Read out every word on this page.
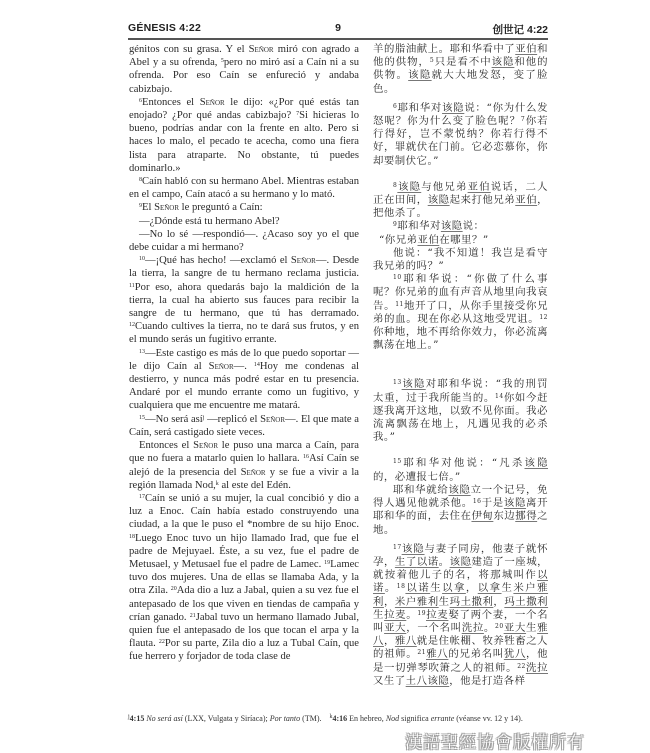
GÉNESIS 4:22	9	创世记 4:22

génitos con su grasa. Y el Señor miró con agrado a Abel y a su ofrenda, $^5$pero no miró así a Caín ni a su ofrenda. Por eso Caín se enfureció y andaba cabizbajo.

$^6$Entonces el Señor le dijo: «¿Por qué estás tan enojado? ¿Por qué andas cabizbajo? $^7$Si hicieras lo bueno, podrías andar con la frente en alto. Pero si haces lo malo, el pecado te acecha, como una fiera lista para atraparte. No obstante, tú puedes dominarlo.»

$^8$Caín habló con su hermano Abel. Mientras estaban en el campo, Caín atacó a su hermano y lo mató.

$^9$El Señor le preguntó a Caín:

—¿Dónde está tu hermano Abel?

—No lo sé —respondió—. ¿Acaso soy yo el que debe cuidar a mi hermano?

$^{10}$—¡Qué has hecho! —exclamó el Señor—. Desde la tierra, la sangre de tu hermano reclama justicia. $^{11}$Por eso, ahora quedarás bajo la maldición de la tierra, la cual ha abierto sus fauces para recibir la sangre de tu hermano, que tú has derramado. $^{12}$Cuando cultives la tierra, no te dará sus frutos, y en el mundo serás un fugitivo errante.

$^{13}$—Este castigo es más de lo que puedo soportar —le dijo Caín al Señor—. $^{14}$Hoy me condenas al destierro, y nunca más podré estar en tu presencia. Andaré por el mundo errante como un fugitivo, y cualquiera que me encuentre me matará.

$^{15}$—No será así$^j$ —replicó el Señor—. El que mate a Caín, será castigado siete veces.

Entonces el Señor le puso una marca a Caín, para que no fuera a matarlo quien lo hallara. $^{16}$Así Caín se alejó de la presencia del Señor y se fue a vivir a la región llamada Nod,$^k$ al este del Edén.

$^{17}$Caín se unió a su mujer, la cual concibió y dio a luz a Enoc. Caín había estado construyendo una ciudad, a la que le puso el *nombre de su hijo Enoc. $^{18}$Luego Enoc tuvo un hijo llamado Irad, que fue el padre de Mejuyael. Éste, a su vez, fue el padre de Metusael, y Metusael fue el padre de Lamec. $^{19}$Lamec tuvo dos mujeres. Una de ellas se llamaba Ada, y la otra Zila. $^{20}$Ada dio a luz a Jabal, quien a su vez fue el antepasado de los que viven en tiendas de campaña y crían ganado. $^{21}$Jabal tuvo un hermano llamado Jubal, quien fue el antepasado de los que tocan el arpa y la flauta. $^{22}$Por su parte, Zila dio a luz a Tubal Caín, que fue herrero y forjador de toda clase de

羊的脂油献上。耶和华看中了亚伯和他的供物，$^5$只是看不中该隐和他的供物。该隐就大大地发怒，变了脸色。

$^6$耶和华对该隐说：“你为什么发怒呢？你为什么变了脸色呢？$^7$你若行得好，岂不蒙悦纳？你若行得不好，罪就伏在门前。它必恋慕你，你却要制伏它。”

$^8$该隐与他兄弟亚伯说话，二人正在田间，该隐起来打他兄弟亚伯，把他杀了。

$^9$耶和华对该隐说：

“你兄弟亚伯在哪里？”

他说：“我不知道！我岂是看守我兄弟的吗？”

$^{10}$耶和华说：“你做了什么事呢？你兄弟的血有声音从地里向我哀告。$^{11}$地开了口，从你手里接受你兄弟的血。现在你必从这地受咒诅。$^{12}$你种地，地不再给你效力，你必流离飘荡在地上。”

$^{13}$该隐对耶和华说：“我的刑罚太重，过于我所能当的。$^{14}$你如今赶逐我离开这地，以致不见你面。我必流离飘荡在地上，凡遇见我的必杀我。”

$^{15}$耶和华对他说：“凡杀该隐的，必遭报七倍。”

耶和华就给该隐立一个记号，免得人遇见他就杀他。$^{16}$于是该隐离开耶和华的面，去住在伊甸东边挪得之地。

$^{17}$该隐与妻子同房，他妻子就怀孕，生了以诺。该隐建造了一座城，就按着他儿子的名，将那城叫作以诺。$^{18}$以诺生以拿，以拿生米户雅利，米户雅利生玛土撒利，玛土撒利生拉麦。$^{19}$拉麦娶了两个妻，一个名叫亚大，一个名叫洗拉。$^{20}$亚大生雅八，雅八就是住帐棚、牧养牲畜之人的祖师。$^{21}$雅八的兄弟名叫犹八，他是一切弹琴吹箫之人的祖师。$^{22}$洗拉又生了土八该隐，他是打造各样

$^j$4:15 No será así (LXX, Vulgata y Siríaca); Por tanto (TM). $^k$4:16 En hebreo, Nod significa errante (véanse vv. 12 y 14).
漢語聖經協會版權所有
